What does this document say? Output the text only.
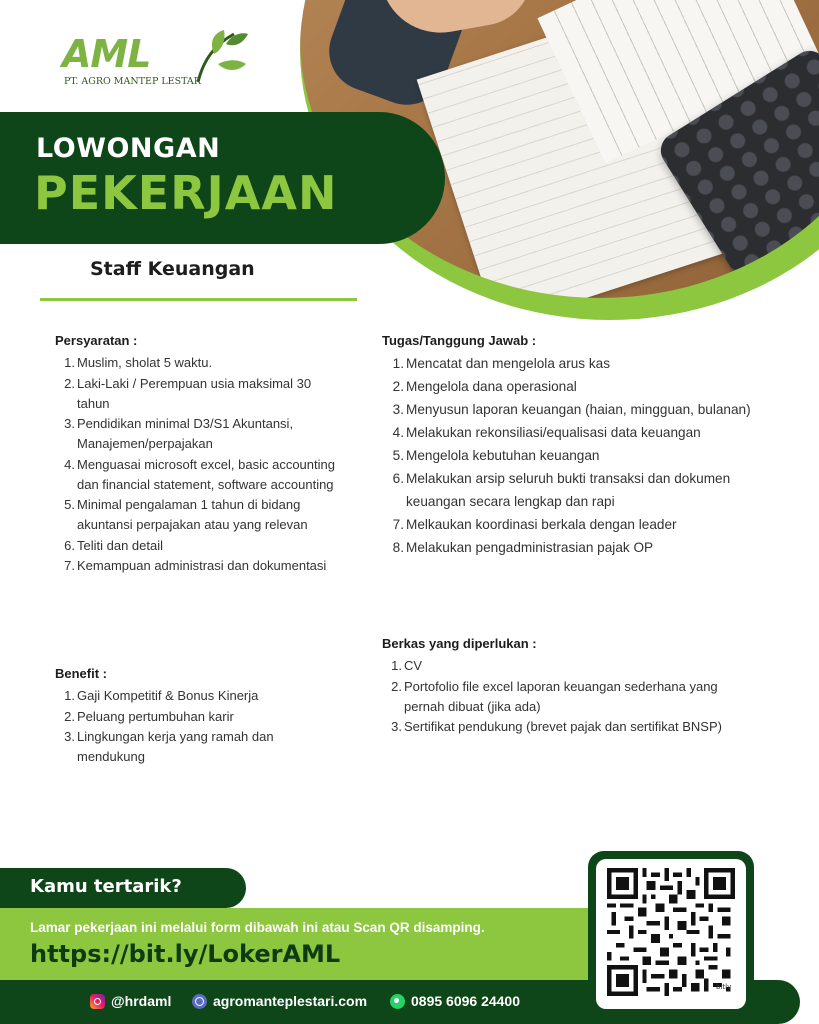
AML
PT. AGRO MANTEP LESTAR
LOWONGAN
PEKERJAAN
Staff Keuangan
Persyaratan :
1. Muslim, sholat 5 waktu.
2. Laki-Laki / Perempuan usia maksimal 30 tahun
3. Pendidikan minimal D3/S1 Akuntansi, Manajemen/perpajakan
4. Menguasai microsoft excel, basic accounting dan financial statement, software accounting
5. Minimal pengalaman 1 tahun di bidang akuntansi perpajakan atau yang relevan
6. Teliti dan detail
7. Kemampuan administrasi dan dokumentasi
Benefit :
1. Gaji Kompetitif & Bonus Kinerja
2. Peluang pertumbuhan karir
3. Lingkungan kerja yang ramah dan mendukung
Tugas/Tanggung Jawab :
1. Mencatat dan mengelola arus kas
2. Mengelola dana operasional
3. Menyusun laporan keuangan (haian, mingguan, bulanan)
4. Melakukan rekonsiliasi/equalisasi data keuangan
5. Mengelola kebutuhan keuangan
6. Melakukan arsip seluruh bukti transaksi dan dokumen keuangan secara lengkap dan rapi
7. Melkaukan koordinasi berkala dengan leader
8. Melakukan pengadministrasian pajak OP
Berkas yang diperlukan :
1. CV
2. Portofolio file excel laporan keuangan sederhana yang pernah dibuat (jika ada)
3. Sertifikat pendukung (brevet pajak dan sertifikat BNSP)
Kamu tertarik?
Lamar pekerjaan ini melalui form dibawah ini atau Scan QR disamping.
https://bit.ly/LokerAML
@hrdaml	agromanteplestari.com	0895 6096 24400
bitly
